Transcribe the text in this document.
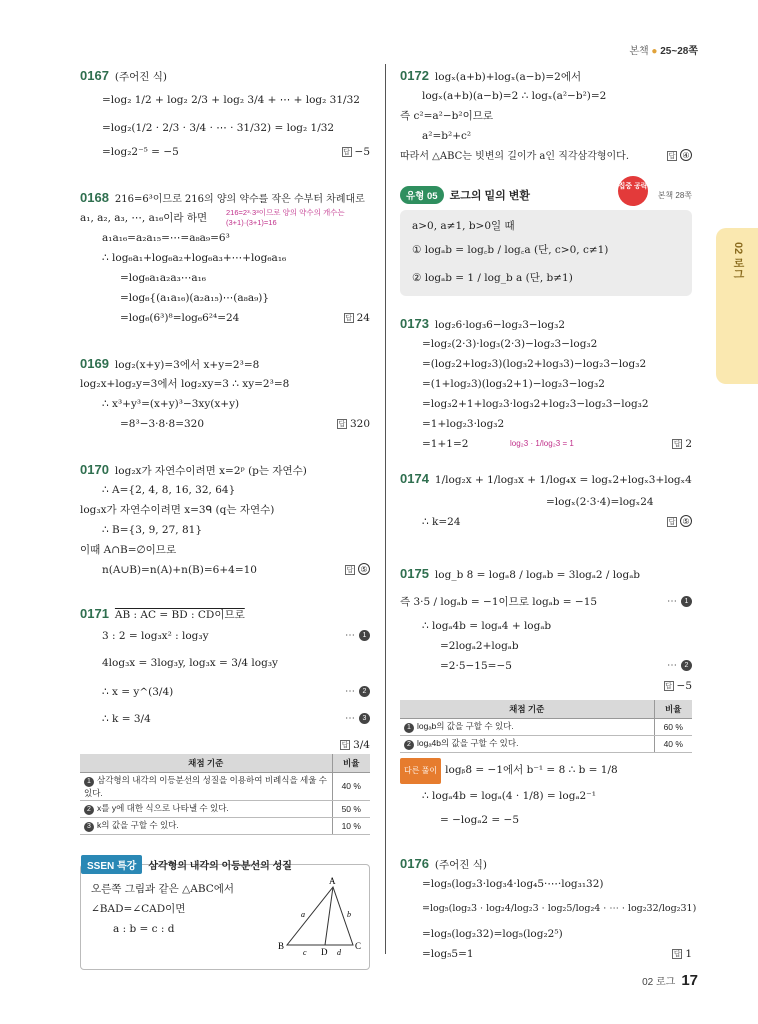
본책 ● 25~28쪽
02 로그
0167 (주어진 식)
=log₂ 1/2 + log₂ 2/3 + log₂ 3/4 + ⋯ + log₂ 31/32
=log₂(1/2 · 2/3 · 3/4 · ⋯ · 31/32) = log₂ 1/32
=log₂2⁻⁵ = −5	답 −5
0168 216=6³이므로 216의 양의 약수를 작은 수부터 차례대로
a₁, a₂, a₃, ⋯, a₁₆이라 하면	216=2³·3³이므로 양의 약수의 개수는 (3+1)·(3+1)=16
a₁a₁₆=a₂a₁₅=⋯=a₈a₉=6³
∴ log₆a₁+log₆a₂+log₆a₃+⋯+log₆a₁₆
=log₆a₁a₂a₃⋯a₁₆
=log₆{(a₁a₁₆)(a₂a₁₅)⋯(a₈a₉)}
=log₆(6³)⁸=log₆6²⁴=24	답 24
0169 log₂(x+y)=3에서 x+y=2³=8
log₂x+log₂y=3에서 log₂xy=3 ∴ xy=2³=8
∴ x³+y³=(x+y)³−3xy(x+y)
=8³−3·8·8=320	답 320
0170 log₂x가 자연수이려면 x=2ᵖ (p는 자연수)
∴ A={2, 4, 8, 16, 32, 64}
log₃x가 자연수이려면 x=3ᑫ (q는 자연수)
∴ B={3, 9, 27, 81}
이때 A∩B=∅이므로
n(A∪B)=n(A)+n(B)=6+4=10	답 ⑤
0171 AB : AC = BD : CD이므로
3 : 2 = log₃x² : log₃y	⋯ 1
4log₃x = 3log₃y, log₃x = 3/4 log₃y
∴ x = y^(3/4)	⋯ 2
∴ k = 3/4	⋯ 3
답 3/4
채점 기준	비율
1 삼각형의 내각의 이등분선의 성질을 이용하여 비례식을 세울 수 있다.	40 %
2 x를 y에 대한 식으로 나타낼 수 있다.	50 %
3 k의 값을 구할 수 있다.	10 %
SSEN 특강 삼각형의 내각의 이등분선의 성질
오른쪽 그림과 같은 △ABC에서
∠BAD=∠CAD이면
a : b = c : d
A
B	C
D
a	b
c	d
0172 logₓ(a+b)+logₓ(a−b)=2에서
logₓ(a+b)(a−b)=2 ∴ logₓ(a²−b²)=2
즉 c²=a²−b²이므로
a²=b²+c²
따라서 △ABC는 빗변의 길이가 a인 직각삼각형이다.	답 ④
유형 05 로그의 밑의 변환	본책 28쪽
집중 공략
a>0, a≠1, b>0일 때
① logₐb = log꜀b / log꜀a (단, c>0, c≠1)
② logₐb = 1 / log_b a (단, b≠1)
0173 log₂6·log₃6−log₂3−log₃2
=log₂(2·3)·log₃(2·3)−log₂3−log₃2
=(log₂2+log₂3)(log₃2+log₃3)−log₂3−log₃2
=(1+log₂3)(log₃2+1)−log₂3−log₃2
=log₃2+1+log₂3·log₃2+log₂3−log₂3−log₃2
=1+log₂3·log₃2
=1+1=2	log₂3 · 1/log₂3 = 1	답 2
0174 1/log₂x + 1/log₃x + 1/log₄x = logₓ2+logₓ3+logₓ4
=logₓ(2·3·4)=logₓ24
∴ k=24	답 ⑤
0175 log_b 8 = logₐ8 / logₐb = 3logₐ2 / logₐb
즉 3·5 / logₐb = −1이므로 logₐb = −15	⋯ 1
∴ logₐ4b = logₐ4 + logₐb
=2logₐ2+logₐb
=2·5−15=−5	⋯ 2
답 −5
채점 기준	비율
1 logₐb의 값을 구할 수 있다.	60 %
2 logₐ4b의 값을 구할 수 있다.	40 %
다른 풀이 logᵦ8 = −1에서 b⁻¹ = 8 ∴ b = 1/8
∴ logₐ4b = logₐ(4 · 1/8) = logₐ2⁻¹
= −logₐ2 = −5
0176 (주어진 식)
=log₅(log₂3·log₃4·log₄5·⋯·log₃₁32)
=log₅(log₂3 · log₂4/log₂3 · log₂5/log₂4 · ⋯ · log₂32/log₂31)
=log₅(log₂32)=log₅(log₂2⁵)
=log₅5=1	답 1
02 로그 17
